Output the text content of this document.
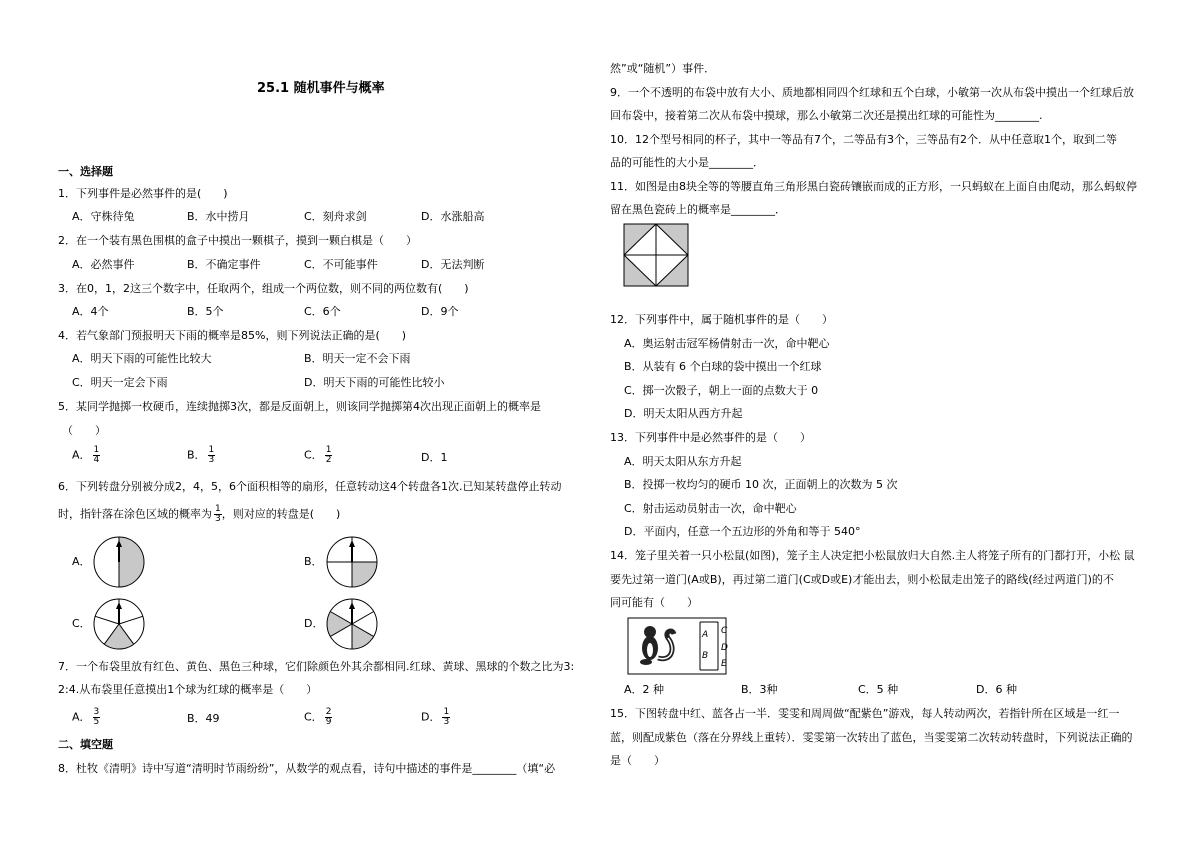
25.1 随机事件与概率
一、选择题
1．下列事件是必然事件的是(　　)
A．守株待兔	B．水中捞月	C．刻舟求剑	D．水涨船高
2．在一个装有黑色围棋的盒子中摸出一颗棋子，摸到一颗白棋是（　　）
A．必然事件	B．不确定事件	C．不可能事件	D．无法判断
3．在0，1，2这三个数字中，任取两个，组成一个两位数，则不同的两位数有(　　)
A．4个	B．5个	C．6个	D．9个
4．若气象部门预报明天下雨的概率是85%，则下列说法正确的是(　　)
A．明天下雨的可能性比较大	B．明天一定不会下雨
C．明天一定会下雨	D．明天下雨的可能性比较小
5．某同学抛掷一枚硬币，连续抛掷3次，都是反面朝上，则该同学抛掷第4次出现正面朝上的概率是
（　　）
A． $\frac{1}{4}$	B． $\frac{1}{3}$	C． $\frac{1}{2}$	D．1
6．下列转盘分别被分成2，4，5，6个面积相等的扇形，任意转动这4个转盘各1次.已知某转盘停止转动
时，指针落在涂色区域的概率为 $\frac{1}{3}$ ，则对应的转盘是(　　)
A．	B．
C．	D．
7．一个布袋里放有红色、黄色、黑色三种球，它们除颜色外其余都相同.红球、黄球、黑球的个数之比为3:
2:4.从布袋里任意摸出1个球为红球的概率是（　　）
A． $\frac{3}{5}$	B．49	C． $\frac{2}{9}$	D． $\frac{1}{3}$
二、填空题
8．杜牧《清明》诗中写道“清明时节雨纷纷”，从数学的观点看，诗句中描述的事件是________（填“必
然”或“随机”）事件．
9．一个不透明的布袋中放有大小、质地都相同四个红球和五个白球，小敏第一次从布袋中摸出一个红球后放
回布袋中，接着第二次从布袋中摸球，那么小敏第二次还是摸出红球的可能性为________.
10．12个型号相同的杯子，其中一等品有7个，二等品有3个，三等品有2个．从中任意取1个，取到二等
品的可能性的大小是________．
11．如图是由8块全等的等腰直角三角形黑白瓷砖镶嵌而成的正方形，一只蚂蚁在上面自由爬动，那么蚂蚁停
留在黑色瓷砖上的概率是________．
12．下列事件中，属于随机事件的是（　　）
A．奥运射击冠军杨倩射击一次，命中靶心
B．从装有 6 个白球的袋中摸出一个红球
C．掷一次骰子，朝上一面的点数大于 0
D．明天太阳从西方升起
13．下列事件中是必然事件的是（　　）
A．明天太阳从东方升起
B．投掷一枚均匀的硬币 10 次，正面朝上的次数为 5 次
C．射击运动员射击一次，命中靶心
D．平面内，任意一个五边形的外角和等于 540°
14．笼子里关着一只小松鼠(如图)，笼子主人决定把小松鼠放归大自然.主人将笼子所有的门都打开，小松 鼠
要先过第一道门(A或B)，再过第二道门(C或D或E)才能出去，则小松鼠走出笼子的路线(经过两道门)的不
同可能有（　　）
A
B
C
D
E
A．2 种	B．3种	C．5 种	D．6 种
15．下图转盘中红、蓝各占一半．雯雯和周周做“配紫色”游戏，每人转动两次，若指针所在区域是一红一
蓝，则配成紫色（落在分界线上重转）．雯雯第一次转出了蓝色，当雯雯第二次转动转盘时，下列说法正确的
是（　　）
